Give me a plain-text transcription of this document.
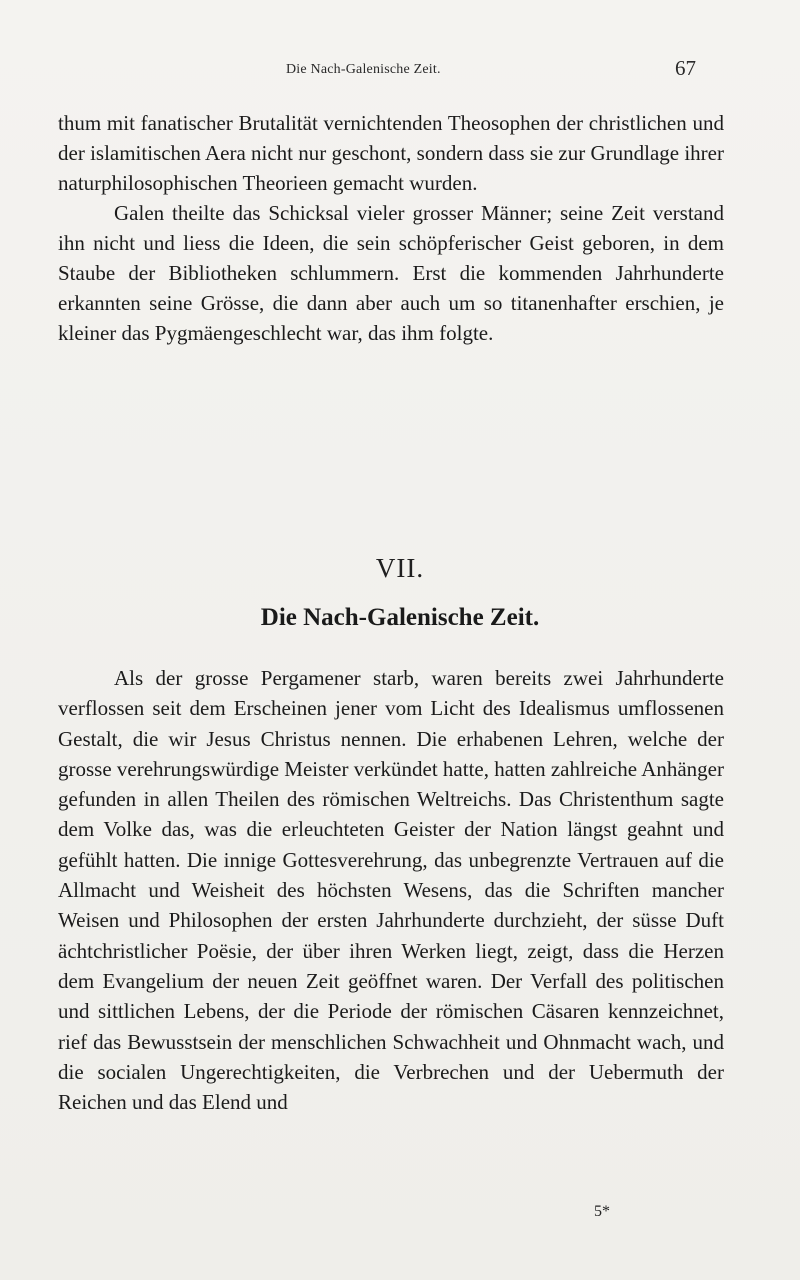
Die Nach-Galenische Zeit.	67

thum mit fanatischer Brutalität vernichtenden Theosophen der christlichen und der islamitischen Aera nicht nur geschont, sondern dass sie zur Grundlage ihrer naturphilosophischen Theorieen gemacht wurden.

Galen theilte das Schicksal vieler grosser Männer; seine Zeit verstand ihn nicht und liess die Ideen, die sein schöpferischer Geist geboren, in dem Staube der Bibliotheken schlummern. Erst die kommenden Jahrhunderte erkannten seine Grösse, die dann aber auch um so titanenhafter erschien, je kleiner das Pygmäengeschlecht war, das ihm folgte.

VII.
Die Nach-Galenische Zeit.

Als der grosse Pergamener starb, waren bereits zwei Jahrhunderte verflossen seit dem Erscheinen jener vom Licht des Idealismus umflossenen Gestalt, die wir Jesus Christus nennen. Die erhabenen Lehren, welche der grosse verehrungswürdige Meister verkündet hatte, hatten zahlreiche Anhänger gefunden in allen Theilen des römischen Weltreichs. Das Christenthum sagte dem Volke das, was die erleuchteten Geister der Nation längst geahnt und gefühlt hatten. Die innige Gottesverehrung, das unbegrenzte Vertrauen auf die Allmacht und Weisheit des höchsten Wesens, das die Schriften mancher Weisen und Philosophen der ersten Jahrhunderte durchzieht, der süsse Duft ächtchristlicher Poësie, der über ihren Werken liegt, zeigt, dass die Herzen dem Evangelium der neuen Zeit geöffnet waren. Der Verfall des politischen und sittlichen Lebens, der die Periode der römischen Cäsaren kennzeichnet, rief das Bewusstsein der menschlichen Schwachheit und Ohnmacht wach, und die socialen Ungerechtigkeiten, die Verbrechen und der Uebermuth der Reichen und das Elend und

5*
